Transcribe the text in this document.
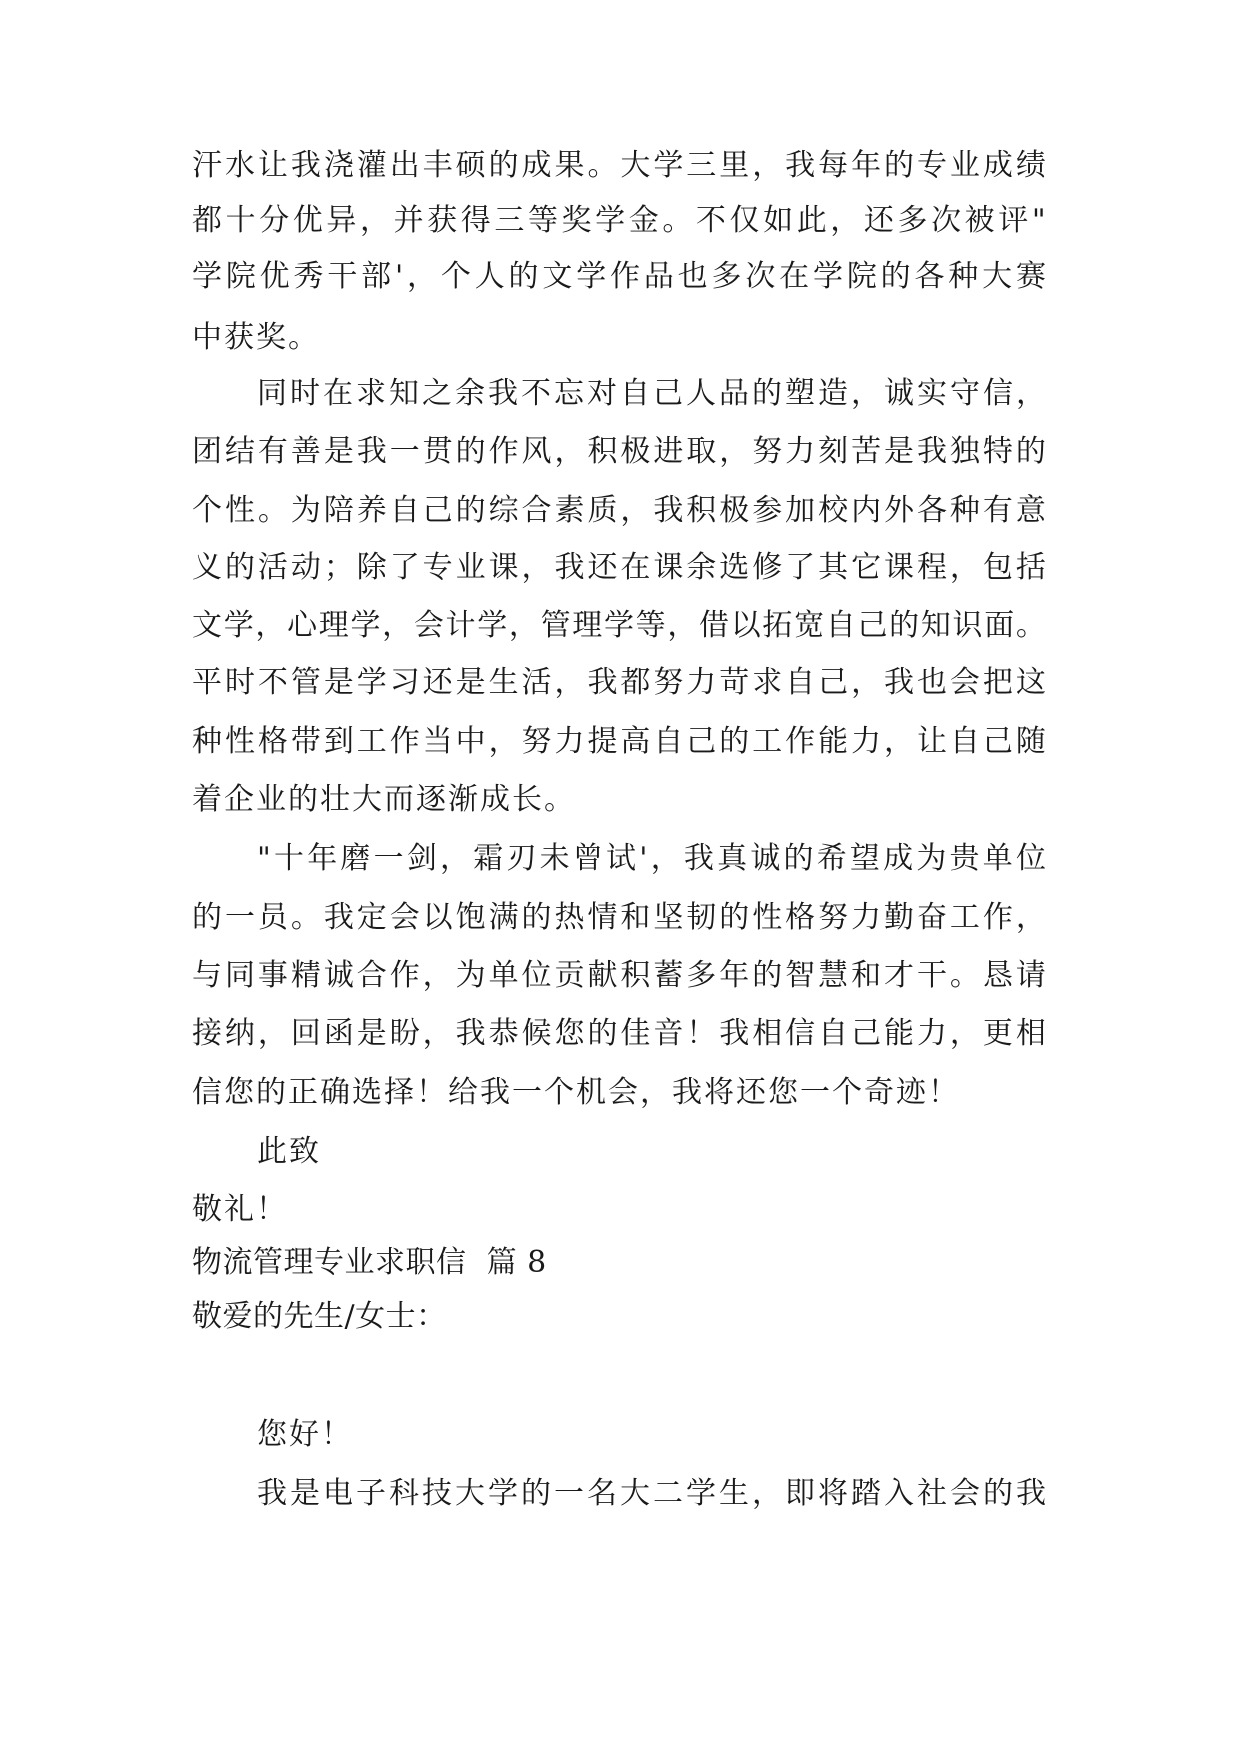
汗 水 让 我 浇 灌 出 丰 硕 的 成 果 。 大 学 三 里 ， 我 每 年 的 专 业 成 绩
都 十 分 优 异 ， 并 获 得 三 等 奖 学 金 。 不 仅 如 此 ， 还 多 次 被 评 "
学 院 优 秀 干 部 ' ， 个 人 的 文 学 作 品 也 多 次 在 学 院 的 各 种 大 赛
中获奖。
同 时 在 求 知 之 余 我 不 忘 对 自 己 人 品 的 塑 造 ， 诚 实 守 信 ，
团 结 有 善 是 我 一 贯 的 作 风 ， 积 极 进 取 ， 努 力 刻 苦 是 我 独 特 的
个 性 。 为 陪 养 自 己 的 综 合 素 质 ， 我 积 极 参 加 校 内 外 各 种 有 意
义 的 活 动 ； 除 了 专 业 课 ， 我 还 在 课 余 选 修 了 其 它 课 程 ， 包 括
文 学 ， 心 理 学 ， 会 计 学 ， 管 理 学 等 ， 借 以 拓 宽 自 己 的 知 识 面 。
平 时 不 管 是 学 习 还 是 生 活 ， 我 都 努 力 苛 求 自 己 ， 我 也 会 把 这
种 性 格 带 到 工 作 当 中 ， 努 力 提 高 自 己 的 工 作 能 力 ， 让 自 己 随
着企业的壮大而逐渐成长。
" 十 年 磨 一 剑 ， 霜 刃 未 曾 试 ' ， 我 真 诚 的 希 望 成 为 贵 单 位
的 一 员 。 我 定 会 以 饱 满 的 热 情 和 坚 韧 的 性 格 努 力 勤 奋 工 作 ，
与 同 事 精 诚 合 作 ， 为 单 位 贡 献 积 蓄 多 年 的 智 慧 和 才 干 。 恳 请
接 纳 ， 回 函 是 盼 ， 我 恭 候 您 的 佳 音 ！ 我 相 信 自 己 能 力 ， 更 相
信您的正确选择！给我一个机会，我将还您一个奇迹！
此致
敬礼！
物流管理专业求职信  篇 8
敬爱的先生/女士：
您好！
我 是 电 子 科 技 大 学 的 一 名 大 二 学 生 ， 即 将 踏 入 社 会 的 我
